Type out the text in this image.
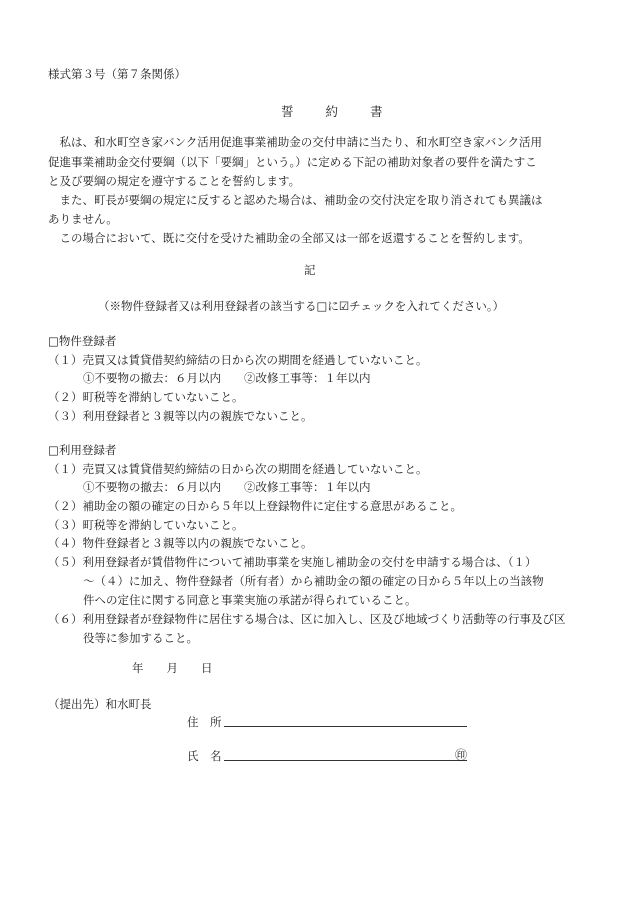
様式第３号（第７条関係）
誓 約 書
　私は、和水町空き家バンク活用促進事業補助金の交付申請に当たり、和水町空き家バンク活用
促進事業補助金交付要綱（以下「要綱」という。）に定める下記の補助対象者の要件を満たすこ
と及び要綱の規定を遵守することを誓約します。
　また、町長が要綱の規定に反すると認めた場合は、補助金の交付決定を取り消されても異議は
ありません。
　この場合において、既に交付を受けた補助金の全部又は一部を返還することを誓約します。
記
（※物件登録者又は利用登録者の該当する□に☑チェックを入れてください。）
□物件登録者
（１）売買又は賃貸借契約締結の日から次の期間を経過していないこと。
①不要物の撤去：６月以内　　②改修工事等：１年以内
（２）町税等を滞納していないこと。
（３）利用登録者と３親等以内の親族でないこと。
□利用登録者
（１）売買又は賃貸借契約締結の日から次の期間を経過していないこと。
①不要物の撤去：６月以内　　②改修工事等：１年以内
（２）補助金の額の確定の日から５年以上登録物件に定住する意思があること。
（３）町税等を滞納していないこと。
（４）物件登録者と３親等以内の親族でないこと。
（５）利用登録者が賃借物件について補助事業を実施し補助金の交付を申請する場合は、（１）
～（４）に加え、物件登録者（所有者）から補助金の額の確定の日から５年以上の当該物
件への定住に関する同意と事業実施の承諾が得られていること。
（６）利用登録者が登録物件に居住する場合は、区に加入し、区及び地域づくり活動等の行事及び区
役等に参加すること。
年　　月　　日
（提出先）和水町長
住　所
氏　名	㊞
